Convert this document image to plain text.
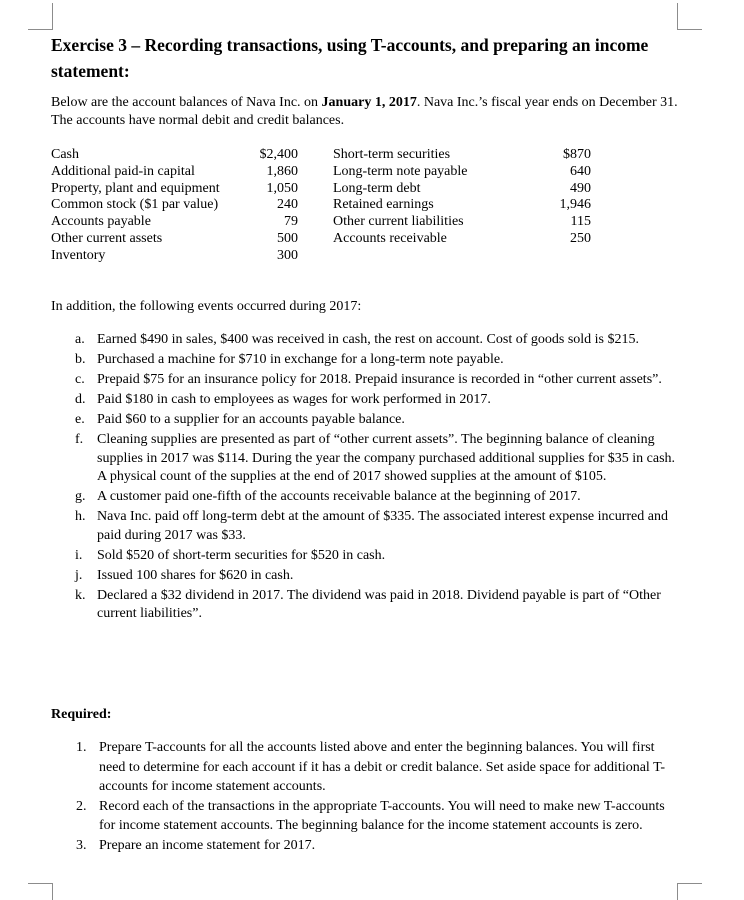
Exercise 3 – Recording transactions, using T-accounts, and preparing an income statement:
Below are the account balances of Nava Inc. on January 1, 2017. Nava Inc.’s fiscal year ends on December 31. The accounts have normal debit and credit balances.
Cash
Additional paid-in capital
Property, plant and equipment
Common stock ($1 par value)
Accounts payable
Other current assets
Inventory
$2,400
1,860
1,050
240
79
500
300
Short-term securities
Long-term note payable
Long-term debt
Retained earnings
Other current liabilities
Accounts receivable
$870
640
490
1,946
115
250
In addition, the following events occurred during 2017:
a. Earned $490 in sales, $400 was received in cash, the rest on account. Cost of goods sold is $215.
b. Purchased a machine for $710 in exchange for a long-term note payable.
c. Prepaid $75 for an insurance policy for 2018. Prepaid insurance is recorded in “other current assets”.
d. Paid $180 in cash to employees as wages for work performed in 2017.
e. Paid $60 to a supplier for an accounts payable balance.
f. Cleaning supplies are presented as part of “other current assets”. The beginning balance of cleaning supplies in 2017 was $114. During the year the company purchased additional supplies for $35 in cash. A physical count of the supplies at the end of 2017 showed supplies at the amount of $105.
g. A customer paid one-fifth of the accounts receivable balance at the beginning of 2017.
h. Nava Inc. paid off long-term debt at the amount of $335. The associated interest expense incurred and paid during 2017 was $33.
i.	Sold $520 of short-term securities for $520 in cash.
j.	Issued 100 shares for $620 in cash.
k. Declared a $32 dividend in 2017. The dividend was paid in 2018. Dividend payable is part of “Other current liabilities”.
Required:
1. Prepare T-accounts for all the accounts listed above and enter the beginning balances. You will first need to determine for each account if it has a debit or credit balance. Set aside space for additional T-accounts for income statement accounts.
2. Record each of the transactions in the appropriate T-accounts. You will need to make new T-accounts for income statement accounts. The beginning balance for the income statement accounts is zero.
3. Prepare an income statement for 2017.
